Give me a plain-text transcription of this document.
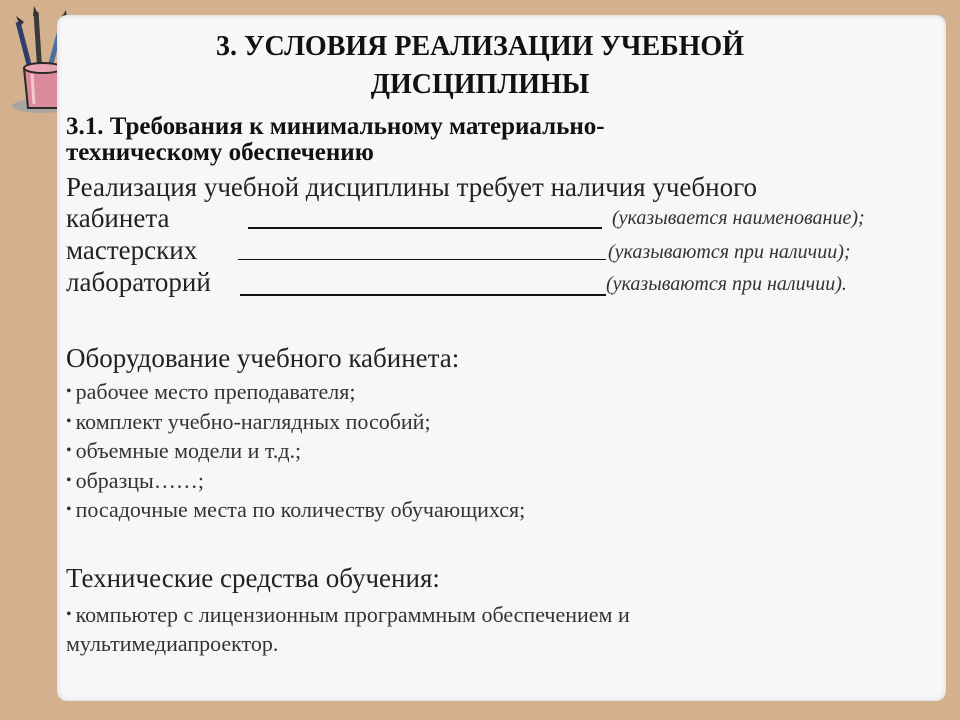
3. УСЛОВИЯ РЕАЛИЗАЦИИ УЧЕБНОЙ
ДИСЦИПЛИНЫ
3.1. Требования к минимальному материально-
техническому обеспечению
Реализация учебной дисциплины требует наличия учебного
кабинета	(указывается наименование);
мастерских	(указываются при наличии);
лабораторий	(указываются при наличии).
Оборудование учебного кабинета:
• рабочее место преподавателя;
• комплект учебно-наглядных пособий;
• объемные модели и т.д.;
• образцы……;
• посадочные места по количеству обучающихся;
Технические средства обучения:
• компьютер с лицензионным программным обеспечением и
мультимедиапроектор.
